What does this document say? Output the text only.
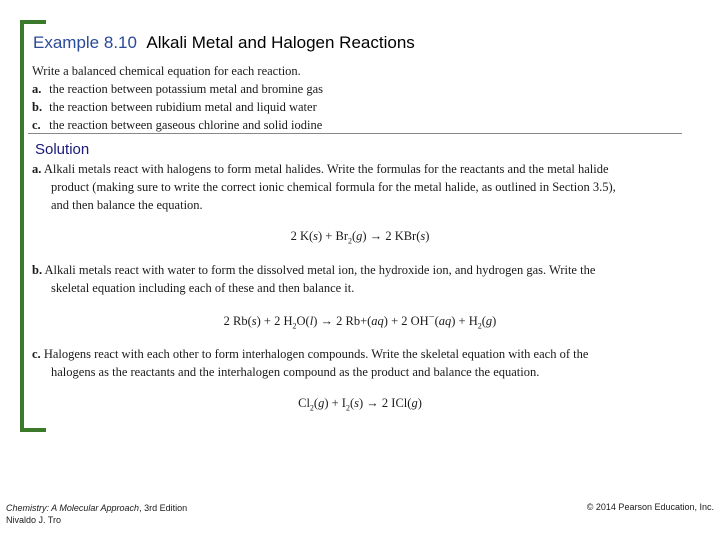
Example 8.10 Alkali Metal and Halogen Reactions
Write a balanced chemical equation for each reaction.
a. the reaction between potassium metal and bromine gas
b. the reaction between rubidium metal and liquid water
c. the reaction between gaseous chlorine and solid iodine
Solution
a. Alkali metals react with halogens to form metal halides. Write the formulas for the reactants and the metal halide
product (making sure to write the correct ionic chemical formula for the metal halide, as outlined in Section 3.5),
and then balance the equation.
2 $K(s) + Br_2(g) \to 2$ KBr(s)
b. Alkali metals react with water to form the dissolved metal ion, the hydroxide ion, and hydrogen gas. Write the
skeletal equation including each of these and then balance it.
2 Rb(s) + 2 $H_2O(l) \to 2$ Rb+(aq) + 2 $OH^-(aq) + H_2(g)$
c. Halogens react with each other to form interhalogen compounds. Write the skeletal equation with each of the
halogens as the reactants and the interhalogen compound as the product and balance the equation.
$Cl_2(g) + I_2(s) \to 2$ ICl(g)
Chemistry: A Molecular Approach, 3rd Edition
Nivaldo J. Tro
© 2014 Pearson Education, Inc.
